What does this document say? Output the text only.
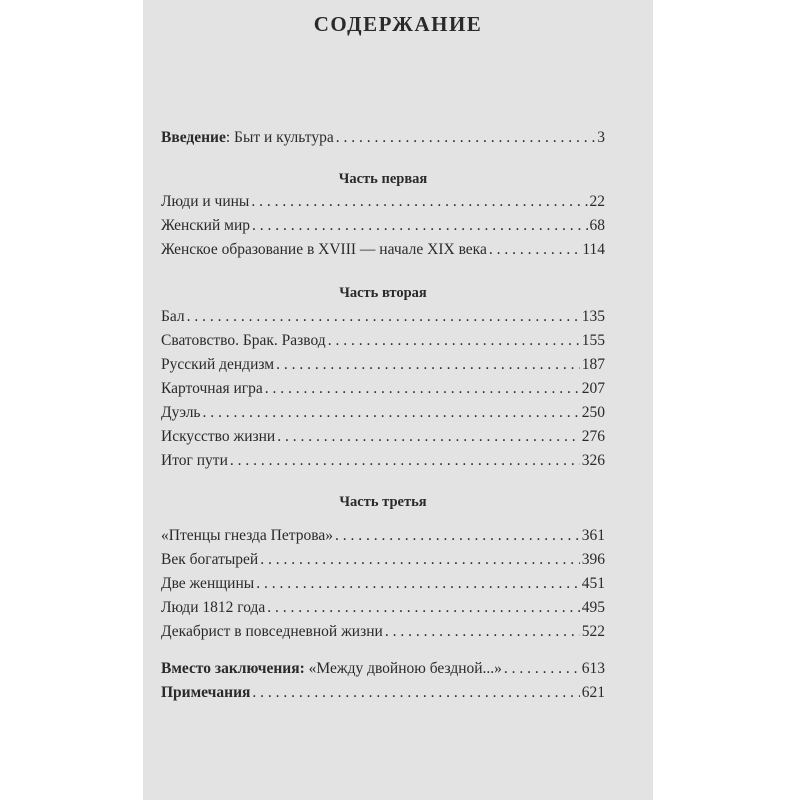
СОДЕРЖАНИЕ
Введение: Быт и культура . . .	3
Часть первая
Люди и чины . . .	22
Женский мир . . .	68
Женское образование в XVIII — начале XIX века . . .	114
Часть вторая
Бал . . .	135
Сватовство. Брак. Развод . . .	155
Русский дендизм . . .	187
Карточная игра . . .	207
Дуэль . . .	250
Искусство жизни . . .	276
Итог пути . . .	326
Часть третья
«Птенцы гнезда Петрова» . . .	361
Век богатырей . . .	396
Две женщины . . .	451
Люди 1812 года . . .	495
Декабрист в повседневной жизни . . .	522
Вместо заключения: «Между двойною бездной...» . . .	613
Примечания . . .	621
